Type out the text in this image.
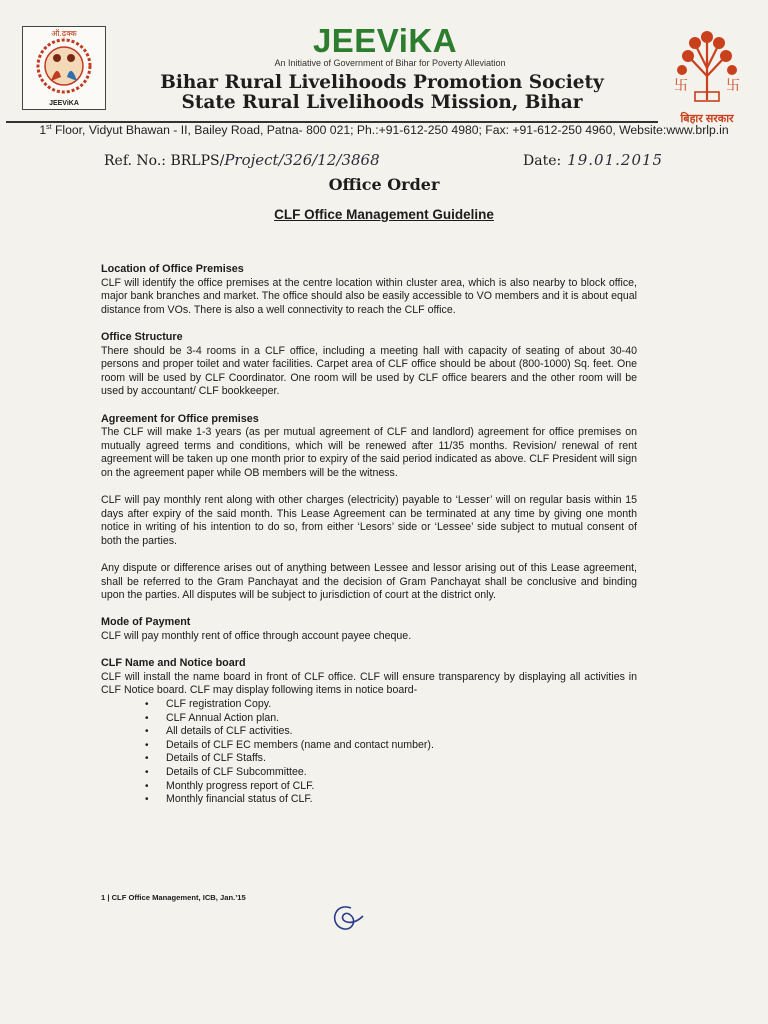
ऑ.ढ़क्क
JEEViKA
JEEViKA
An Initiative of Government of Bihar for Poverty Alleviation
Bihar Rural Livelihoods Promotion Society
State Rural Livelihoods Mission, Bihar
卐	卐
बिहार सरकार
1st Floor, Vidyut Bhawan - II, Bailey Road, Patna- 800 021; Ph.:+91-612-250 4980; Fax: +91-612-250 4960, Website:www.brlp.in
Ref. No.: BRLPS/Project/326/12/3868	Date: 19.01.2015
Office Order
CLF Office Management Guideline
Location of Office Premises

CLF will identify the office premises at the centre location within cluster area, which is also nearby to block office, major bank branches and market. The office should also be easily accessible to VO members and it is about equal distance from VOs. There is also a well connectivity to reach the CLF office.

Office Structure

There should be 3-4 rooms in a CLF office, including a meeting hall with capacity of seating of about 30-40 persons and proper toilet and water facilities. Carpet area of CLF office should be about (800-1000) Sq. feet. One room will be used by CLF Coordinator. One room will be used by CLF office bearers and the other room will be used by accountant/ CLF bookkeeper.

Agreement for Office premises

The CLF will make 1-3 years (as per mutual agreement of CLF and landlord) agreement for office premises on mutually agreed terms and conditions, which will be renewed after 11/35 months. Revision/ renewal of rent agreement will be taken up one month prior to expiry of the said period indicated as above. CLF President will sign on the agreement paper while OB members will be the witness.

CLF will pay monthly rent along with other charges (electricity) payable to ‘Lesser’ will on regular basis within 15 days after expiry of the said month. This Lease Agreement can be terminated at any time by giving one month notice in writing of his intention to do so, from either ‘Lesors’ side or ‘Lessee’ side subject to mutual consent of both the parties.

Any dispute or difference arises out of anything between Lessee and lessor arising out of this Lease agreement, shall be referred to the Gram Panchayat and the decision of Gram Panchayat shall be conclusive and binding upon the parties. All disputes will be subject to jurisdiction of court at the district only.

Mode of Payment

CLF will pay monthly rent of office through account payee cheque.

CLF Name and Notice board

CLF will install the name board in front of CLF office. CLF will ensure transparency by displaying all activities in CLF Notice board. CLF may display following items in notice board-

• CLF registration Copy.
• CLF Annual Action plan.
• All details of CLF activities.
• Details of CLF EC members (name and contact number).
• Details of CLF Staffs.
• Details of CLF Subcommittee.
• Monthly progress report of CLF.
• Monthly financial status of CLF.
1 | CLF Office Management, ICB, Jan.’15
